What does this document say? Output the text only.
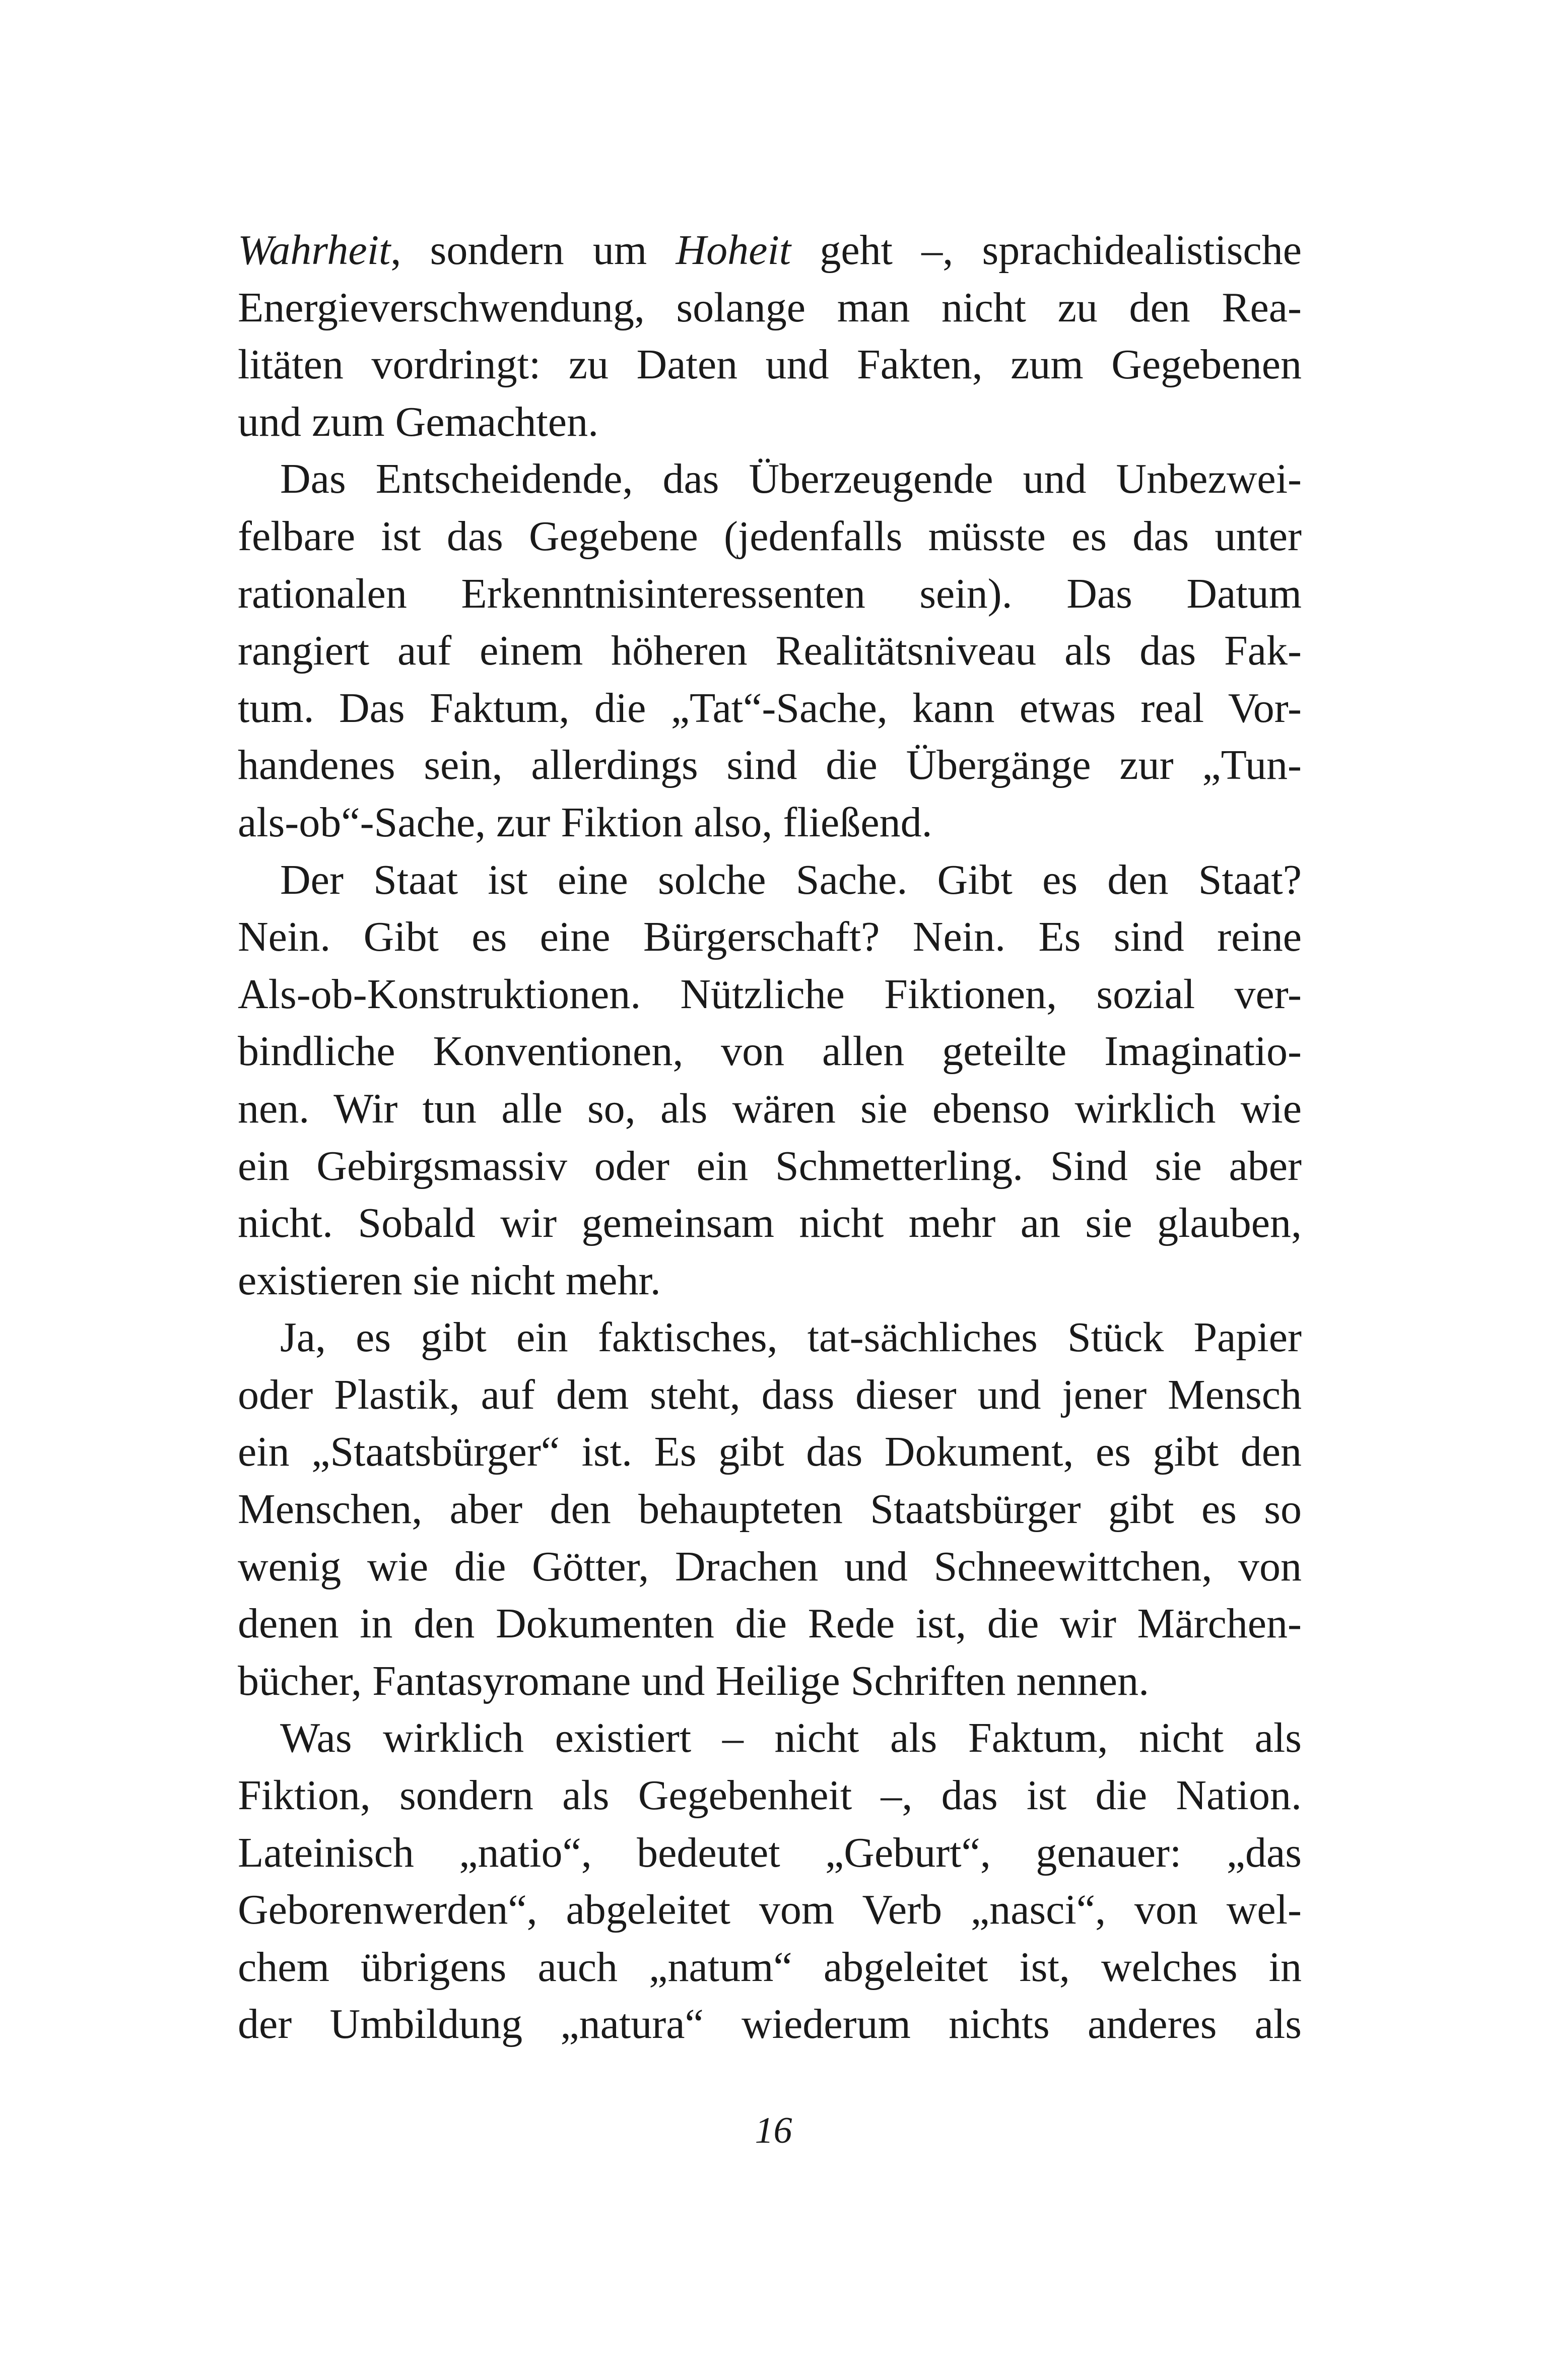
Wahrheit, sondern um Hoheit geht –, sprachidealistische
Energieverschwendung, solange man nicht zu den Rea-
litäten vordringt: zu Daten und Fakten, zum Gegebenen
und zum Gemachten.
Das Entscheidende, das Überzeugende und Unbezwei-
felbare ist das Gegebene (jedenfalls müsste es das unter
rationalen Erkenntnisinteressenten sein). Das Datum
rangiert auf einem höheren Realitätsniveau als das Fak-
tum. Das Faktum, die „Tat“-Sache, kann etwas real Vor-
handenes sein, allerdings sind die Übergänge zur „Tun-
als-ob“-Sache, zur Fiktion also, fließend.
Der Staat ist eine solche Sache. Gibt es den Staat?
Nein. Gibt es eine Bürgerschaft? Nein. Es sind reine
Als-ob-Konstruktionen. Nützliche Fiktionen, sozial ver-
bindliche Konventionen, von allen geteilte Imaginatio-
nen. Wir tun alle so, als wären sie ebenso wirklich wie
ein Gebirgsmassiv oder ein Schmetterling. Sind sie aber
nicht. Sobald wir gemeinsam nicht mehr an sie glauben,
existieren sie nicht mehr.
Ja, es gibt ein faktisches, tat-sächliches Stück Papier
oder Plastik, auf dem steht, dass dieser und jener Mensch
ein „Staatsbürger“ ist. Es gibt das Dokument, es gibt den
Menschen, aber den behaupteten Staatsbürger gibt es so
wenig wie die Götter, Drachen und Schneewittchen, von
denen in den Dokumenten die Rede ist, die wir Märchen-
bücher, Fantasyromane und Heilige Schriften nennen.
Was wirklich existiert – nicht als Faktum, nicht als
Fiktion, sondern als Gegebenheit –, das ist die Nation.
Lateinisch „natio“, bedeutet „Geburt“, genauer: „das
Geborenwerden“, abgeleitet vom Verb „nasci“, von wel-
chem übrigens auch „natum“ abgeleitet ist, welches in
der Umbildung „natura“ wiederum nichts anderes als
16
